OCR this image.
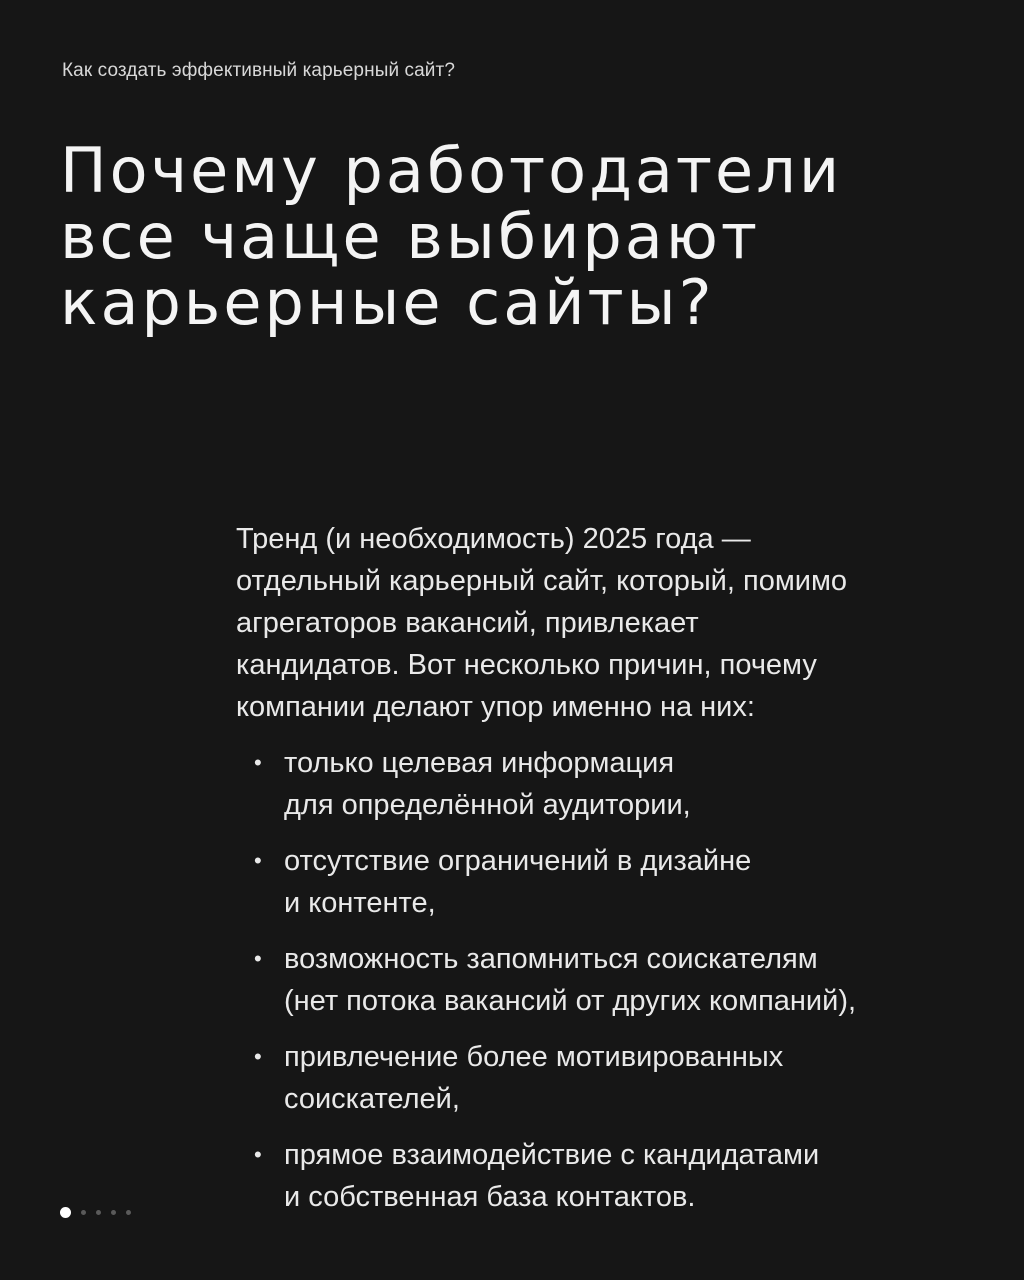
Как создать эффективный карьерный сайт?
Почему работодатели
все чаще выбирают
карьерные сайты?

Тренд (и необходимость) 2025 года —
отдельный карьерный сайт, который, помимо
агрегаторов вакансий, привлекает
кандидатов. Вот несколько причин, почему
компании делают упор именно на них:

• только целевая информация
для определённой аудитории,
• отсутствие ограничений в дизайне
и контенте,
• возможность запомниться соискателям
(нет потока вакансий от других компаний),
• привлечение более мотивированных
соискателей,
• прямое взаимодействие с кандидатами
и собственная база контактов.
